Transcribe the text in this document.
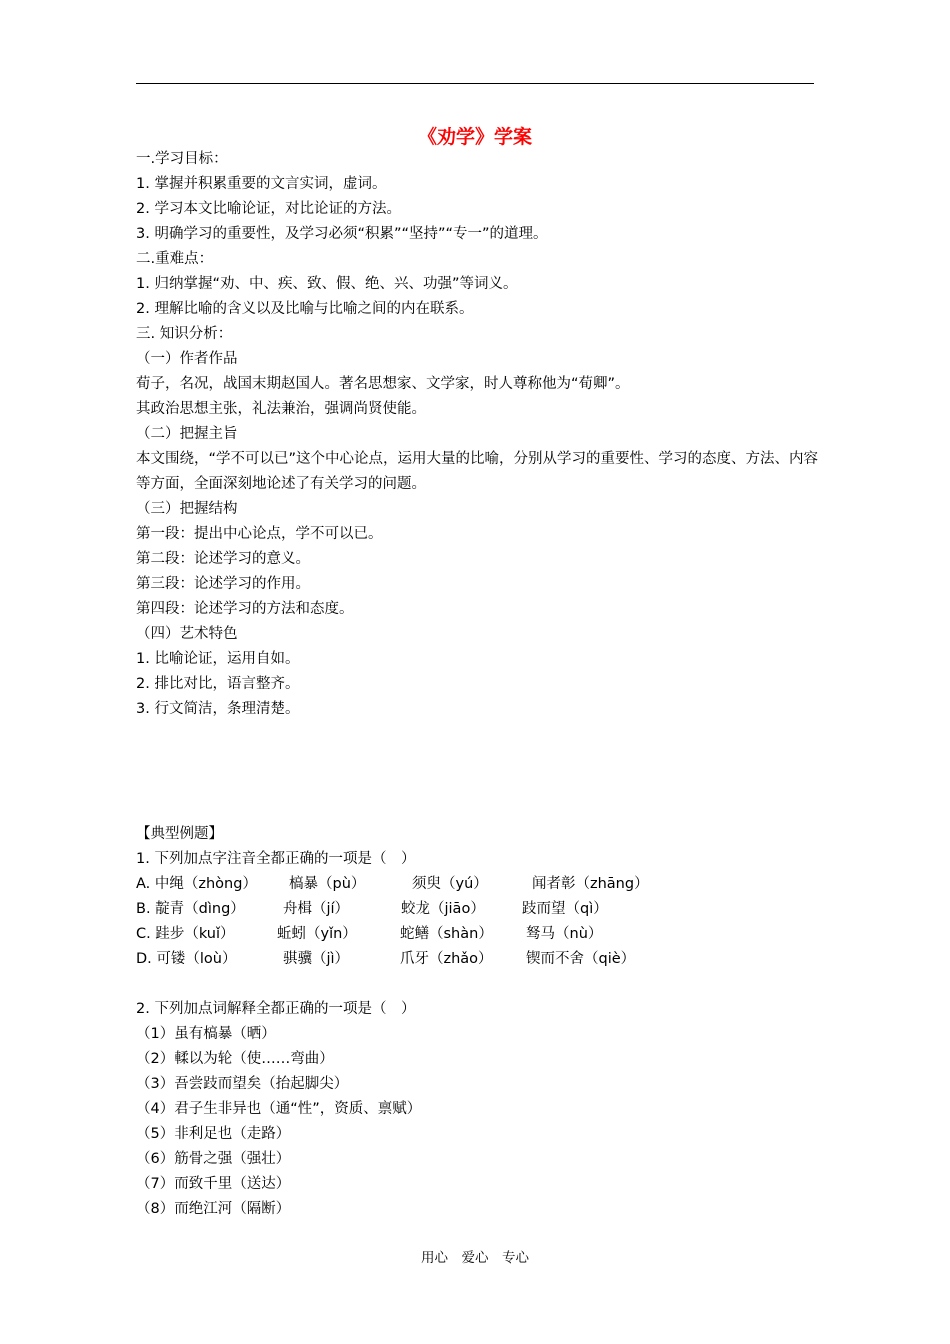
《劝学》学案
一.学习目标：
1. 掌握并积累重要的文言实词，虚词。
2. 学习本文比喻论证，对比论证的方法。
3. 明确学习的重要性，及学习必须“积累”“坚持”“专一”的道理。
二.重难点：
1. 归纳掌握“劝、中、疾、致、假、绝、兴、功强”等词义。
2. 理解比喻的含义以及比喻与比喻之间的内在联系。
三. 知识分析：
（一）作者作品
荀子，名况，战国末期赵国人。著名思想家、文学家，时人尊称他为“荀卿”。
其政治思想主张，礼法兼治，强调尚贤使能。
（二）把握主旨
本文围绕，“学不可以已”这个中心论点，运用大量的比喻，分别从学习的重要性、学习的态度、方法、内容等方面，全面深刻地论述了有关学习的问题。
（三）把握结构
第一段：提出中心论点，学不可以已。
第二段：论述学习的意义。
第三段：论述学习的作用。
第四段：论述学习的方法和态度。
（四）艺术特色
1. 比喻论证，运用自如。
2. 排比对比，语言整齐。
3. 行文简洁，条理清楚。
【典型例题】
1. 下列加点字注音全都正确的一项是（　）
A. 中绳（zhòng） 槁暴（pù）	须臾（yú）	闻者彰（zhāng）
B. 靛青（dìng）	舟楫（jí）	蛟龙（jiāo）	跂而望（qì）
C. 跬步（kuǐ）	蚯蚓（yǐn）	蛇鳝（shàn） 驽马（nù）
D. 可镂（loù）	骐骥（jì）	爪牙（zhǎo） 锲而不舍（qiè）
2. 下列加点词解释全都正确的一项是（　）
（1）虽有槁暴（晒）
（2）輮以为轮（使……弯曲）
（3）吾尝跂而望矣（抬起脚尖）
（4）君子生非异也（通“性”，资质、禀赋）
（5）非利足也（走路）
（6）筋骨之强（强壮）
（7）而致千里（送达）
（8）而绝江河（隔断）
用心　爱心　专心
